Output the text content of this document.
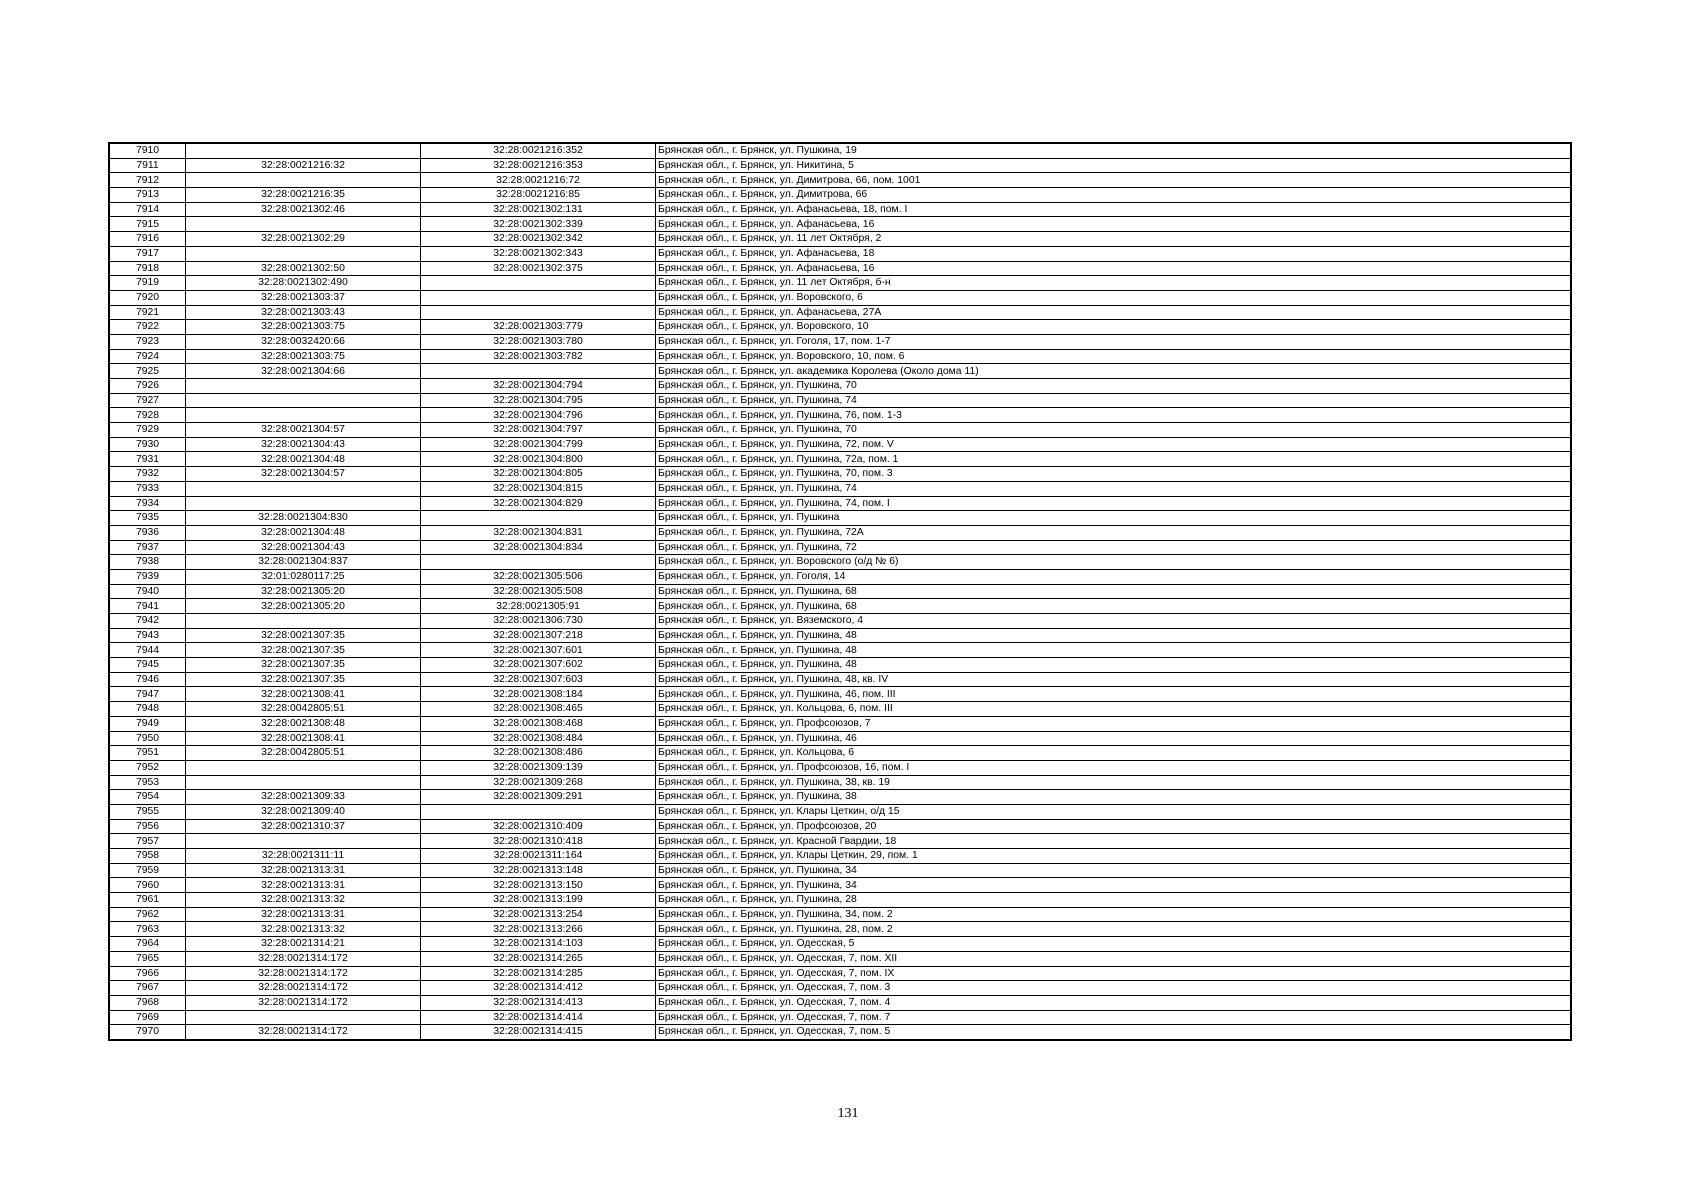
7910		32:28:0021216:352	Брянская обл., г. Брянск, ул. Пушкина, 19
7911	32:28:0021216:32	32:28:0021216:353	Брянская обл., г. Брянск, ул. Никитина, 5
7912		32:28:0021216:72	Брянская обл., г. Брянск, ул. Димитрова, 66, пом. 1001
7913	32:28:0021216:35	32:28:0021216:85	Брянская обл., г. Брянск, ул. Димитрова, 66
7914	32:28:0021302:46	32:28:0021302:131	Брянская обл., г. Брянск, ул. Афанасьева, 18, пом. I
7915		32:28:0021302:339	Брянская обл., г. Брянск, ул. Афанасьева, 16
7916	32:28:0021302:29	32:28:0021302:342	Брянская обл., г. Брянск, ул. 11 лет Октября, 2
7917		32:28:0021302:343	Брянская обл., г. Брянск, ул. Афанасьева, 18
7918	32:28:0021302:50	32:28:0021302:375	Брянская обл., г. Брянск, ул. Афанасьева, 16
7919	32:28:0021302:490		Брянская обл., г. Брянск, ул. 11 лет Октября, б-н
7920	32:28:0021303:37		Брянская обл., г. Брянск, ул. Воровского, 6
7921	32:28:0021303:43		Брянская обл., г. Брянск, ул. Афанасьева, 27А
7922	32:28:0021303:75	32:28:0021303:779	Брянская обл., г. Брянск, ул. Воровского, 10
7923	32:28:0032420:66	32:28:0021303:780	Брянская обл., г. Брянск, ул. Гоголя, 17, пом. 1-7
7924	32:28:0021303:75	32:28:0021303:782	Брянская обл., г. Брянск, ул. Воровского, 10, пом. 6
7925	32:28:0021304:66		Брянская обл., г. Брянск, ул. академика Королева (Около дома 11)
7926		32:28:0021304:794	Брянская обл., г. Брянск, ул. Пушкина, 70
7927		32:28:0021304:795	Брянская обл., г. Брянск, ул. Пушкина, 74
7928		32:28:0021304:796	Брянская обл., г. Брянск, ул. Пушкина, 76, пом. 1-3
7929	32:28:0021304:57	32:28:0021304:797	Брянская обл., г. Брянск, ул. Пушкина, 70
7930	32:28:0021304:43	32:28:0021304:799	Брянская обл., г. Брянск, ул. Пушкина, 72, пом. V
7931	32:28:0021304:48	32:28:0021304:800	Брянская обл., г. Брянск, ул. Пушкина, 72а, пом. 1
7932	32:28:0021304:57	32:28:0021304:805	Брянская обл., г. Брянск, ул. Пушкина, 70, пом. 3
7933		32:28:0021304:815	Брянская обл., г. Брянск, ул. Пушкина, 74
7934		32:28:0021304:829	Брянская обл., г. Брянск, ул. Пушкина, 74, пом. I
7935	32:28:0021304:830		Брянская обл., г. Брянск, ул. Пушкина
7936	32:28:0021304:48	32:28:0021304:831	Брянская обл., г. Брянск, ул. Пушкина, 72А
7937	32:28:0021304:43	32:28:0021304:834	Брянская обл., г. Брянск, ул. Пушкина, 72
7938	32:28:0021304:837		Брянская обл., г. Брянск, ул. Воровского (о/д № 6)
7939	32:01:0280117:25	32:28:0021305:506	Брянская обл., г. Брянск, ул. Гоголя, 14
7940	32:28:0021305:20	32:28:0021305:508	Брянская обл., г. Брянск, ул. Пушкина, 68
7941	32:28:0021305:20	32:28:0021305:91	Брянская обл., г. Брянск, ул. Пушкина, 68
7942		32:28:0021306:730	Брянская обл., г. Брянск, ул. Вяземского, 4
7943	32:28:0021307:35	32:28:0021307:218	Брянская обл., г. Брянск, ул. Пушкина, 48
7944	32:28:0021307:35	32:28:0021307:601	Брянская обл., г. Брянск, ул. Пушкина, 48
7945	32:28:0021307:35	32:28:0021307:602	Брянская обл., г. Брянск, ул. Пушкина, 48
7946	32:28:0021307:35	32:28:0021307:603	Брянская обл., г. Брянск, ул. Пушкина, 48, кв. IV
7947	32:28:0021308:41	32:28:0021308:184	Брянская обл., г. Брянск, ул. Пушкина, 46, пом. III
7948	32:28:0042805:51	32:28:0021308:465	Брянская обл., г. Брянск, ул. Кольцова, 6, пом. III
7949	32:28:0021308:48	32:28:0021308:468	Брянская обл., г. Брянск, ул. Профсоюзов, 7
7950	32:28:0021308:41	32:28:0021308:484	Брянская обл., г. Брянск, ул. Пушкина, 46
7951	32:28:0042805:51	32:28:0021308:486	Брянская обл., г. Брянск, ул. Кольцова, 6
7952		32:28:0021309:139	Брянская обл., г. Брянск, ул. Профсоюзов, 16, пом. I
7953		32:28:0021309:268	Брянская обл., г. Брянск, ул. Пушкина, 38, кв. 19
7954	32:28:0021309:33	32:28:0021309:291	Брянская обл., г. Брянск, ул. Пушкина, 38
7955	32:28:0021309:40		Брянская обл., г. Брянск, ул. Клары Цеткин, о/д 15
7956	32:28:0021310:37	32:28:0021310:409	Брянская обл., г. Брянск, ул. Профсоюзов, 20
7957		32:28:0021310:418	Брянская обл., г. Брянск, ул. Красной Гвардии, 18
7958	32:28:0021311:11	32:28:0021311:164	Брянская обл., г. Брянск, ул. Клары Цеткин, 29, пом. 1
7959	32:28:0021313:31	32:28:0021313:148	Брянская обл., г. Брянск, ул. Пушкина, 34
7960	32:28:0021313:31	32:28:0021313:150	Брянская обл., г. Брянск, ул. Пушкина, 34
7961	32:28:0021313:32	32:28:0021313:199	Брянская обл., г. Брянск, ул. Пушкина, 28
7962	32:28:0021313:31	32:28:0021313:254	Брянская обл., г. Брянск, ул. Пушкина, 34, пом. 2
7963	32:28:0021313:32	32:28:0021313:266	Брянская обл., г. Брянск, ул. Пушкина, 28, пом. 2
7964	32:28:0021314:21	32:28:0021314:103	Брянская обл., г. Брянск, ул. Одесская, 5
7965	32:28:0021314:172	32:28:0021314:265	Брянская обл., г. Брянск, ул. Одесская, 7, пом. XII
7966	32:28:0021314:172	32:28:0021314:285	Брянская обл., г. Брянск, ул. Одесская, 7, пом. IX
7967	32:28:0021314:172	32:28:0021314:412	Брянская обл., г. Брянск, ул. Одесская, 7, пом. 3
7968	32:28:0021314:172	32:28:0021314:413	Брянская обл., г. Брянск, ул. Одесская, 7, пом. 4
7969		32:28:0021314:414	Брянская обл., г. Брянск, ул. Одесская, 7, пом. 7
7970	32:28:0021314:172	32:28:0021314:415	Брянская обл., г. Брянск, ул. Одесская, 7, пом. 5
131
